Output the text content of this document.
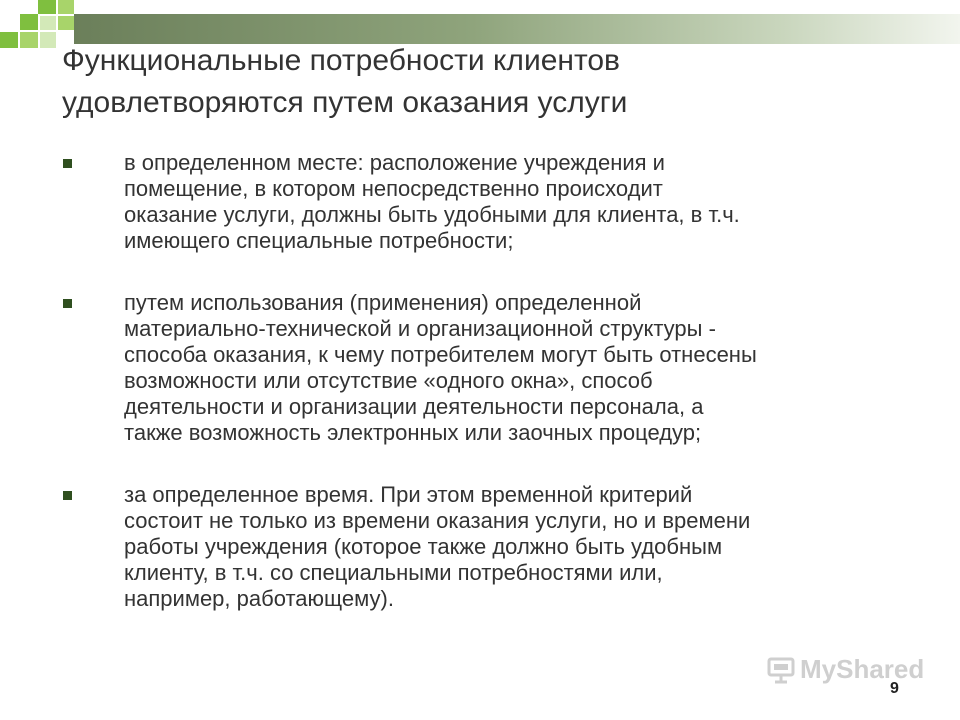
Функциональные потребности клиентов
удовлетворяются путем оказания услуги
в определенном месте: расположение учреждения и
помещение, в котором непосредственно происходит
оказание услуги, должны быть удобными для клиента, в т.ч.
имеющего специальные потребности;
путем использования (применения) определенной
материально-технической и организационной структуры -
способа оказания, к чему потребителем могут быть отнесены
возможности или отсутствие «одного окна», способ
деятельности и организации деятельности персонала, а
также возможность электронных или заочных процедур;
за определенное время. При этом временной критерий
состоит не только из времени оказания услуги, но и времени
работы учреждения (которое также должно быть удобным
клиенту, в т.ч. со специальными потребностями или,
например, работающему).
MyShared
9
